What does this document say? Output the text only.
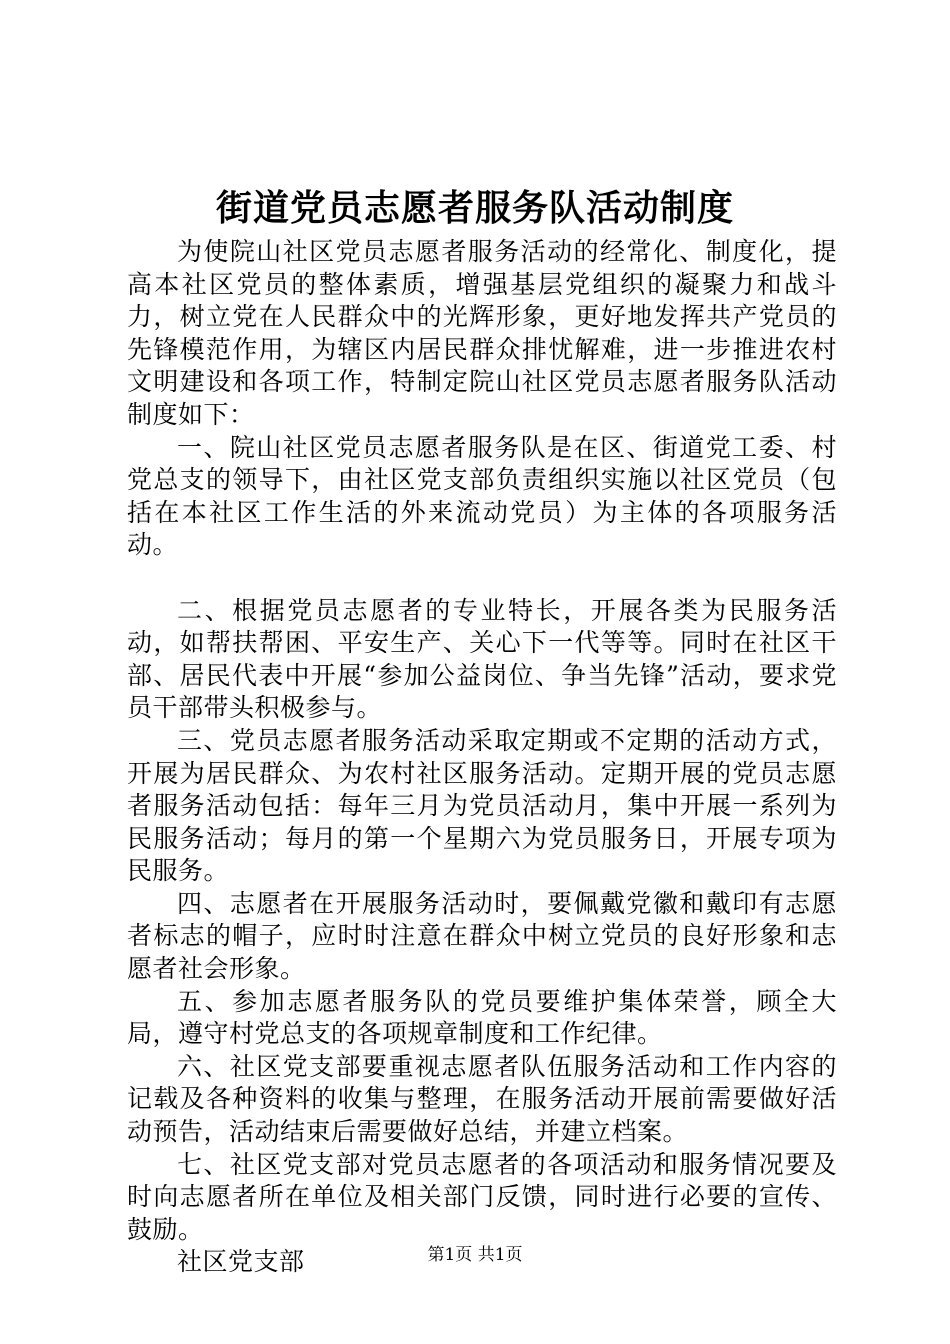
街道党员志愿者服务队活动制度

为使院山社区党员志愿者服务活动的经常化、制度化，提高本社区党员的整体素质，增强基层党组织的凝聚力和战斗力，树立党在人民群众中的光辉形象，更好地发挥共产党员的先锋模范作用，为辖区内居民群众排忧解难，进一步推进农村文明建设和各项工作，特制定院山社区党员志愿者服务队活动制度如下：

一、院山社区党员志愿者服务队是在区、街道党工委、村党总支的领导下，由社区党支部负责组织实施以社区党员（包括在本社区工作生活的外来流动党员）为主体的各项服务活动。

二、根据党员志愿者的专业特长，开展各类为民服务活动，如帮扶帮困、平安生产、关心下一代等等。同时在社区干部、居民代表中开展“参加公益岗位、争当先锋”活动，要求党员干部带头积极参与。

三、党员志愿者服务活动采取定期或不定期的活动方式，开展为居民群众、为农村社区服务活动。定期开展的党员志愿者服务活动包括：每年三月为党员活动月，集中开展一系列为民服务活动；每月的第一个星期六为党员服务日，开展专项为民服务。

四、志愿者在开展服务活动时，要佩戴党徽和戴印有志愿者标志的帽子，应时时注意在群众中树立党员的良好形象和志愿者社会形象。

五、参加志愿者服务队的党员要维护集体荣誉，顾全大局，遵守村党总支的各项规章制度和工作纪律。

六、社区党支部要重视志愿者队伍服务活动和工作内容的记载及各种资料的收集与整理，在服务活动开展前需要做好活动预告，活动结束后需要做好总结，并建立档案。

七、社区党支部对党员志愿者的各项活动和服务情况要及时向志愿者所在单位及相关部门反馈，同时进行必要的宣传、鼓励。

社区党支部	第1页 共1页
